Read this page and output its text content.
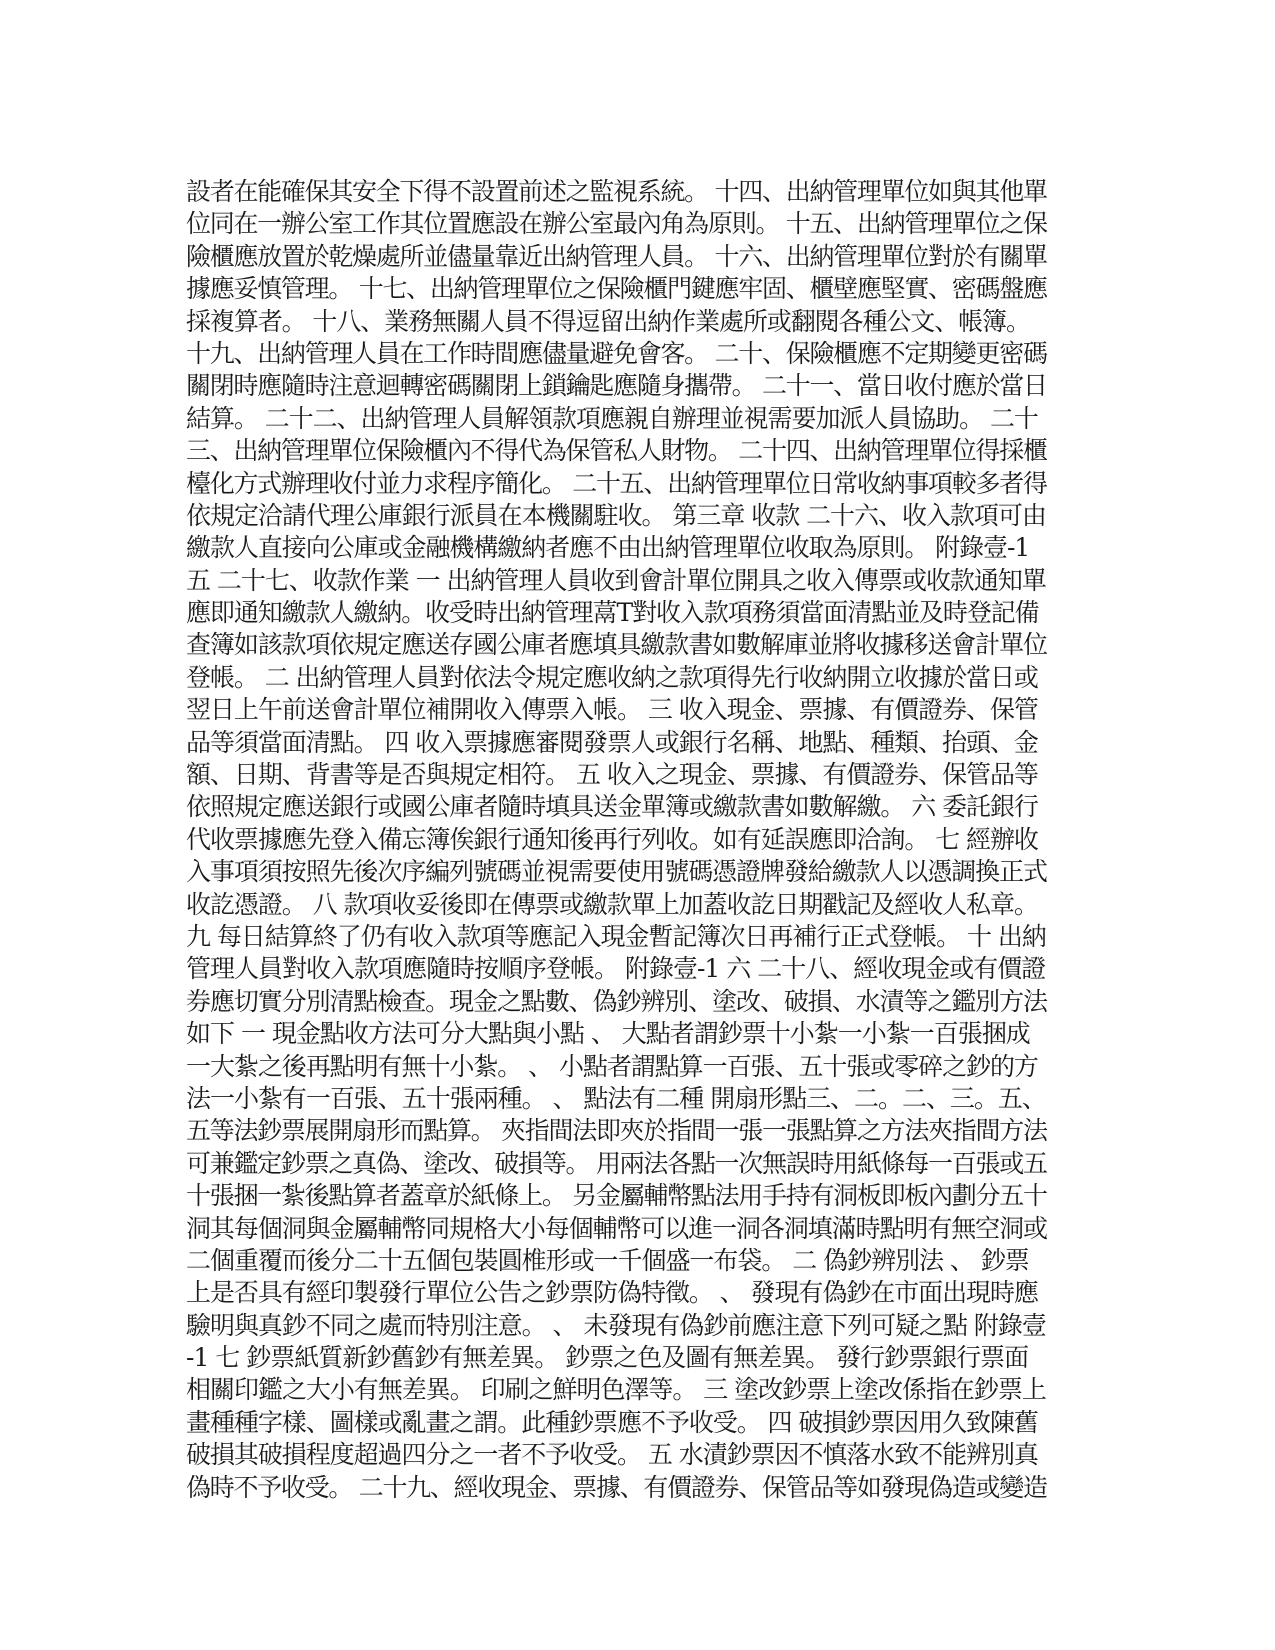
設者在能確保其安全下得不設置前述之監視系統。 十四、出納管理單位如與其他單
位同在一辦公室工作其位置應設在辦公室最內角為原則。 十五、出納管理單位之保
險櫃應放置於乾燥處所並儘量靠近出納管理人員。 十六、出納管理單位對於有關單
據應妥慎管理。 十七、出納管理單位之保險櫃門鍵應牢固、櫃壁應堅實、密碼盤應
採複算者。 十八、業務無關人員不得逗留出納作業處所或翻閱各種公文、帳簿。
十九、出納管理人員在工作時間應儘量避免會客。 二十、保險櫃應不定期變更密碼
關閉時應隨時注意迴轉密碼關閉上鎖鑰匙應隨身攜帶。 二十一、當日收付應於當日
結算。 二十二、出納管理人員解領款項應親自辦理並視需要加派人員協助。 二十
三、出納管理單位保險櫃內不得代為保管私人財物。 二十四、出納管理單位得採櫃
檯化方式辦理收付並力求程序簡化。 二十五、出納管理單位日常收納事項較多者得
依規定洽請代理公庫銀行派員在本機關駐收。 第三章 收款 二十六、收入款項可由
繳款人直接向公庫或金融機構繳納者應不由出納管理單位收取為原則。 附錄壹-1
五 二十七、收款作業 一 出納管理人員收到會計單位開具之收入傳票或收款通知單
應即通知繳款人繳納。收受時出納管理蒚T對收入款項務須當面清點並及時登記備
查簿如該款項依規定應送存國公庫者應填具繳款書如數解庫並將收據移送會計單位
登帳。 二 出納管理人員對依法令規定應收納之款項得先行收納開立收據於當日或
翌日上午前送會計單位補開收入傳票入帳。 三 收入現金、票據、有價證券、保管
品等須當面清點。 四 收入票據應審閱發票人或銀行名稱、地點、種類、抬頭、金
額、日期、背書等是否與規定相符。 五 收入之現金、票據、有價證券、保管品等
依照規定應送銀行或國公庫者隨時填具送金單簿或繳款書如數解繳。 六 委託銀行
代收票據應先登入備忘簿俟銀行通知後再行列收。如有延誤應即洽詢。 七 經辦收
入事項須按照先後次序編列號碼並視需要使用號碼憑證牌發給繳款人以憑調換正式
收訖憑證。 八 款項收妥後即在傳票或繳款單上加蓋收訖日期戳記及經收人私章。
九 每日結算終了仍有收入款項等應記入現金暫記簿次日再補行正式登帳。 十 出納
管理人員對收入款項應隨時按順序登帳。 附錄壹-1 六 二十八、經收現金或有價證
券應切實分別清點檢查。現金之點數、偽鈔辨別、塗改、破損、水漬等之鑑別方法
如下 一 現金點收方法可分大點與小點 、 大點者謂鈔票十小紮一小紮一百張捆成
一大紮之後再點明有無十小紮。 、 小點者謂點算一百張、五十張或零碎之鈔的方
法一小紮有一百張、五十張兩種。 、 點法有二種 開扇形點三、二。二、三。五、
五等法鈔票展開扇形而點算。 夾指間法即夾於指間一張一張點算之方法夾指間方法
可兼鑑定鈔票之真偽、塗改、破損等。 用兩法各點一次無誤時用紙條每一百張或五
十張捆一紮後點算者蓋章於紙條上。 另金屬輔幣點法用手持有洞板即板內劃分五十
洞其每個洞與金屬輔幣同規格大小每個輔幣可以進一洞各洞填滿時點明有無空洞或
二個重覆而後分二十五個包裝圓椎形或一千個盛一布袋。 二 偽鈔辨別法 、 鈔票
上是否具有經印製發行單位公告之鈔票防偽特徵。 、 發現有偽鈔在市面出現時應
驗明與真鈔不同之處而特別注意。 、 未發現有偽鈔前應注意下列可疑之點 附錄壹
-1 七 鈔票紙質新鈔舊鈔有無差異。 鈔票之色及圖有無差異。 發行鈔票銀行票面
相關印鑑之大小有無差異。 印刷之鮮明色澤等。 三 塗改鈔票上塗改係指在鈔票上
畫種種字樣、圖樣或亂畫之謂。此種鈔票應不予收受。 四 破損鈔票因用久致陳舊
破損其破損程度超過四分之一者不予收受。 五 水漬鈔票因不慎落水致不能辨別真
偽時不予收受。 二十九、經收現金、票據、有價證券、保管品等如發現偽造或變造
